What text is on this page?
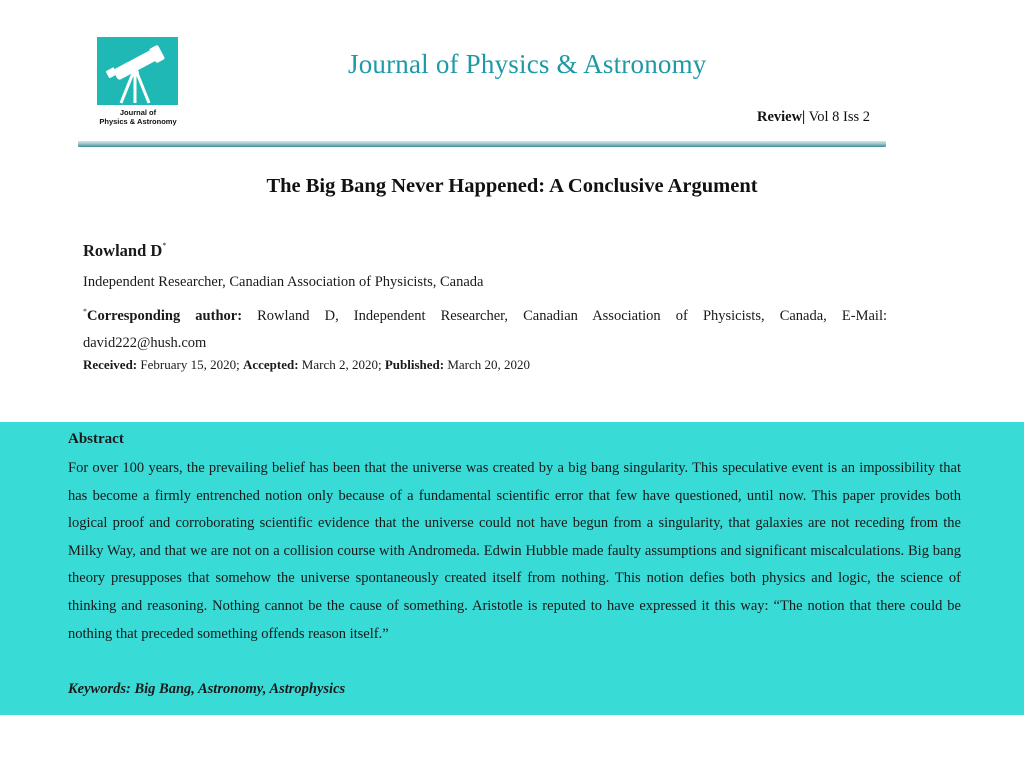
Journal of
Physics & Astronomy
Journal of Physics & Astronomy
Review| Vol 8 Iss 2
The Big Bang Never Happened: A Conclusive Argument
Rowland D*
Independent Researcher, Canadian Association of Physicists, Canada
*Corresponding author: Rowland D, Independent Researcher, Canadian Association of Physicists, Canada, E-Mail: david222@hush.com
Received: February 15, 2020; Accepted: March 2, 2020; Published: March 20, 2020
Abstract
For over 100 years, the prevailing belief has been that the universe was created by a big bang singularity. This speculative event is an impossibility that has become a firmly entrenched notion only because of a fundamental scientific error that few have questioned, until now. This paper provides both logical proof and corroborating scientific evidence that the universe could not have begun from a singularity, that galaxies are not receding from the Milky Way, and that we are not on a collision course with Andromeda. Edwin Hubble made faulty assumptions and significant miscalculations. Big bang theory presupposes that somehow the universe spontaneously created itself from nothing. This notion defies both physics and logic, the science of thinking and reasoning. Nothing cannot be the cause of something. Aristotle is reputed to have expressed it this way: “The notion that there could be nothing that preceded something offends reason itself.”
Keywords: Big Bang, Astronomy, Astrophysics
